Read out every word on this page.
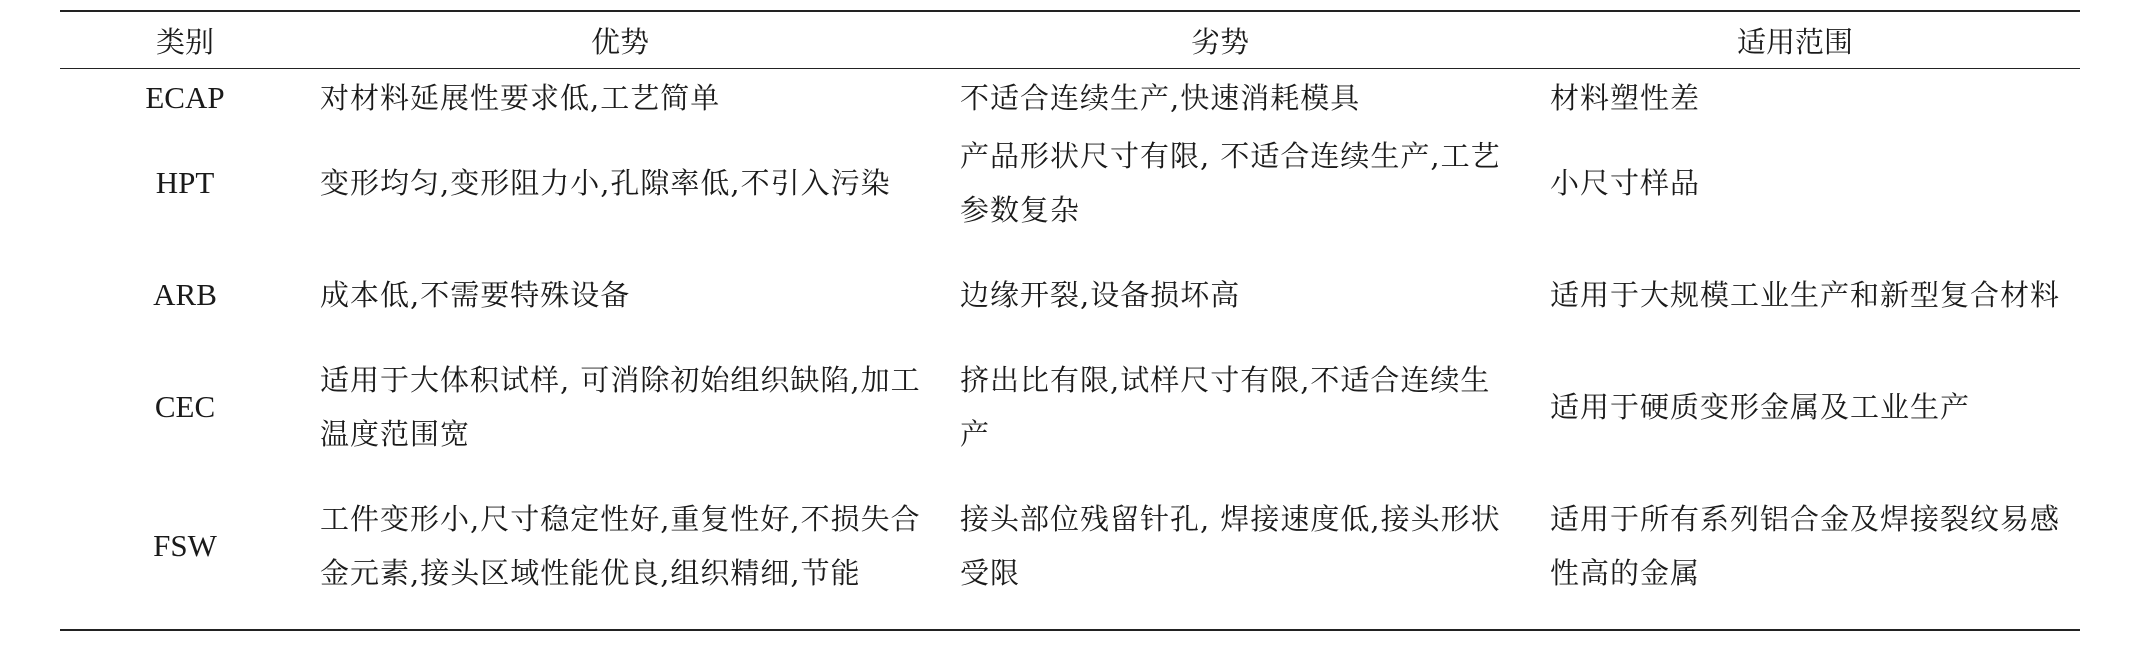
类别	优势	劣势	适用范围
ECAP	对材料延展性要求低,工艺简单	不适合连续生产,快速消耗模具	材料塑性差
HPT	变形均匀,变形阻力小,孔隙率低,不引入污染	产品形状尺寸有限, 不适合连续生产,工艺参数复杂	小尺寸样品
ARB	成本低,不需要特殊设备	边缘开裂,设备损坏高	适用于大规模工业生产和新型复合材料
CEC	适用于大体积试样, 可消除初始组织缺陷,加工温度范围宽	挤出比有限,试样尺寸有限,不适合连续生产	适用于硬质变形金属及工业生产
FSW	工件变形小,尺寸稳定性好,重复性好,不损失合金元素,接头区域性能优良,组织精细,节能	接头部位残留针孔, 焊接速度低,接头形状受限	适用于所有系列铝合金及焊接裂纹易感性高的金属
